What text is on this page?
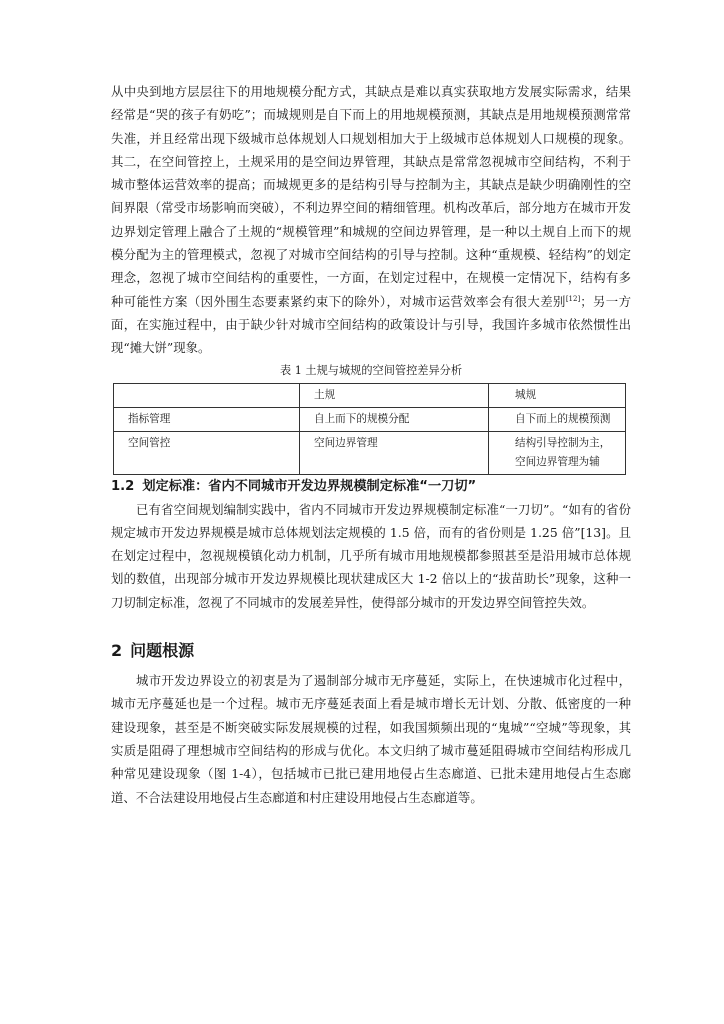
从中央到地方层层往下的用地规模分配方式，其缺点是难以真实获取地方发展实际需求，结果经常是“哭的孩子有奶吃”；而城规则是自下而上的用地规模预测，其缺点是用地规模预测常常失准，并且经常出现下级城市总体规划人口规划相加大于上级城市总体规划人口规模的现象。其二，在空间管控上，土规采用的是空间边界管理，其缺点是常常忽视城市空间结构，不利于城市整体运营效率的提高；而城规更多的是结构引导与控制为主，其缺点是缺少明确刚性的空间界限（常受市场影响而突破），不利边界空间的精细管理。机构改革后，部分地方在城市开发边界划定管理上融合了土规的“规模管理”和城规的空间边界管理，是一种以土规自上而下的规模分配为主的管理模式，忽视了对城市空间结构的引导与控制。这种“重规模、轻结构”的划定理念，忽视了城市空间结构的重要性，一方面，在划定过程中，在规模一定情况下，结构有多种可能性方案（因外围生态要素紧约束下的除外），对城市运营效率会有很大差别[12]；另一方面，在实施过程中，由于缺少针对城市空间结构的政策设计与引导，我国许多城市依然惯性出现“摊大饼”现象。

表 1 土规与城规的空间管控差异分析
	土规	城规
指标管理	自上而下的规模分配	自下而上的规模预测
空间管控	空间边界管理	结构引导控制为主，空间边界管理为辅
1.2 划定标准：省内不同城市开发边界规模制定标准“一刀切”

已有省空间规划编制实践中，省内不同城市开发边界规模制定标准“一刀切”。“如有的省份规定城市开发边界规模是城市总体规划法定规模的 1.5 倍，而有的省份则是 1.25 倍”[13]。且在划定过程中，忽视规模镇化动力机制，几乎所有城市用地规模都参照甚至是沿用城市总体规划的数值，出现部分城市开发边界规模比现状建成区大 1-2 倍以上的“拔苗助长”现象，这种一刀切制定标准，忽视了不同城市的发展差异性，使得部分城市的开发边界空间管控失效。

2 问题根源

城市开发边界设立的初衷是为了遏制部分城市无序蔓延，实际上，在快速城市化过程中，城市无序蔓延也是一个过程。城市无序蔓延表面上看是城市增长无计划、分散、低密度的一种建设现象，甚至是不断突破实际发展规模的过程，如我国频频出现的“鬼城”“空城”等现象，其实质是阻碍了理想城市空间结构的形成与优化。本文归纳了城市蔓延阻碍城市空间结构形成几种常见建设现象（图 1-4），包括城市已批已建用地侵占生态廊道、已批未建用地侵占生态廊道、不合法建设用地侵占生态廊道和村庄建设用地侵占生态廊道等。
